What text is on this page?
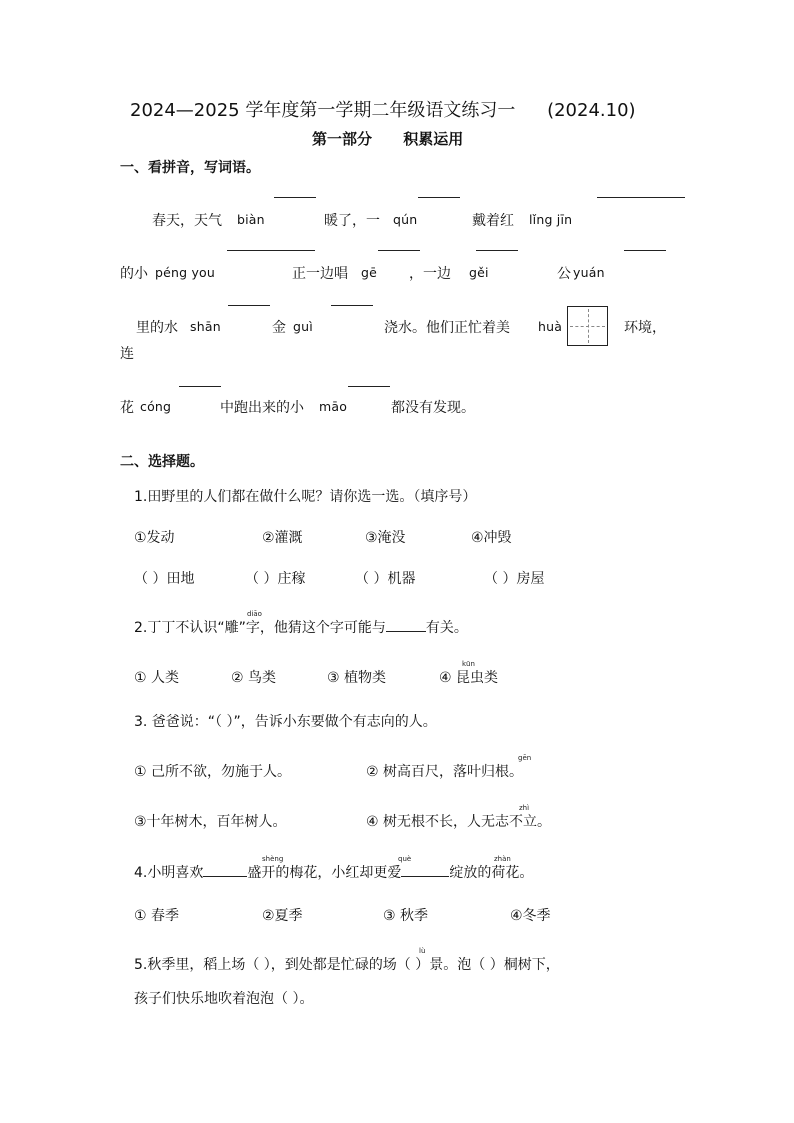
2024—2025 学年度第一学期二年级语文练习一 (2024.10)
第一部分 积累运用
一、看拼音，写词语。
春天，天气 biàn	暖了，一 qún	戴着红 lǐng jīn
的小 péng you	正一边唱 gē ，一边 gěi	公 yuán
里的水 shān	金 guì	浇水。他们正忙着美 huà	环境，
连
花 cóng	中跑出来的小 māo	都没有发现。
二、选择题。
1.田野里的人们都在做什么呢？请你选一选。（填序号）
①发动	②灌溉	③淹没	④冲毁
（ ）田地	（ ）庄稼	（ ）机器	（ ）房屋
2.丁丁不认识“雕”字，他猜这个字可能与	有关。
diāo
① 人类	② 鸟类	③ 植物类	④ 昆虫类
kūn
3. 爸爸说：“（ ）”，告诉小东要做个有志向的人。
① 己所不欲，勿施于人。	② 树高百尺，落叶归根。
gēn
③十年树木，百年树人。	④ 树无根不长，人无志不立。
zhì
4.小明喜欢	盛开的梅花，小红却更爱	绽放的荷花。
shèng	què	zhàn
① 春季	②夏季	③ 秋季	④冬季
5.秋季里，稻上场（ ），到处都是忙碌的场（ ）景。泡（ ）桐树下，
lù
孩子们快乐地吹着泡泡（ ）。
